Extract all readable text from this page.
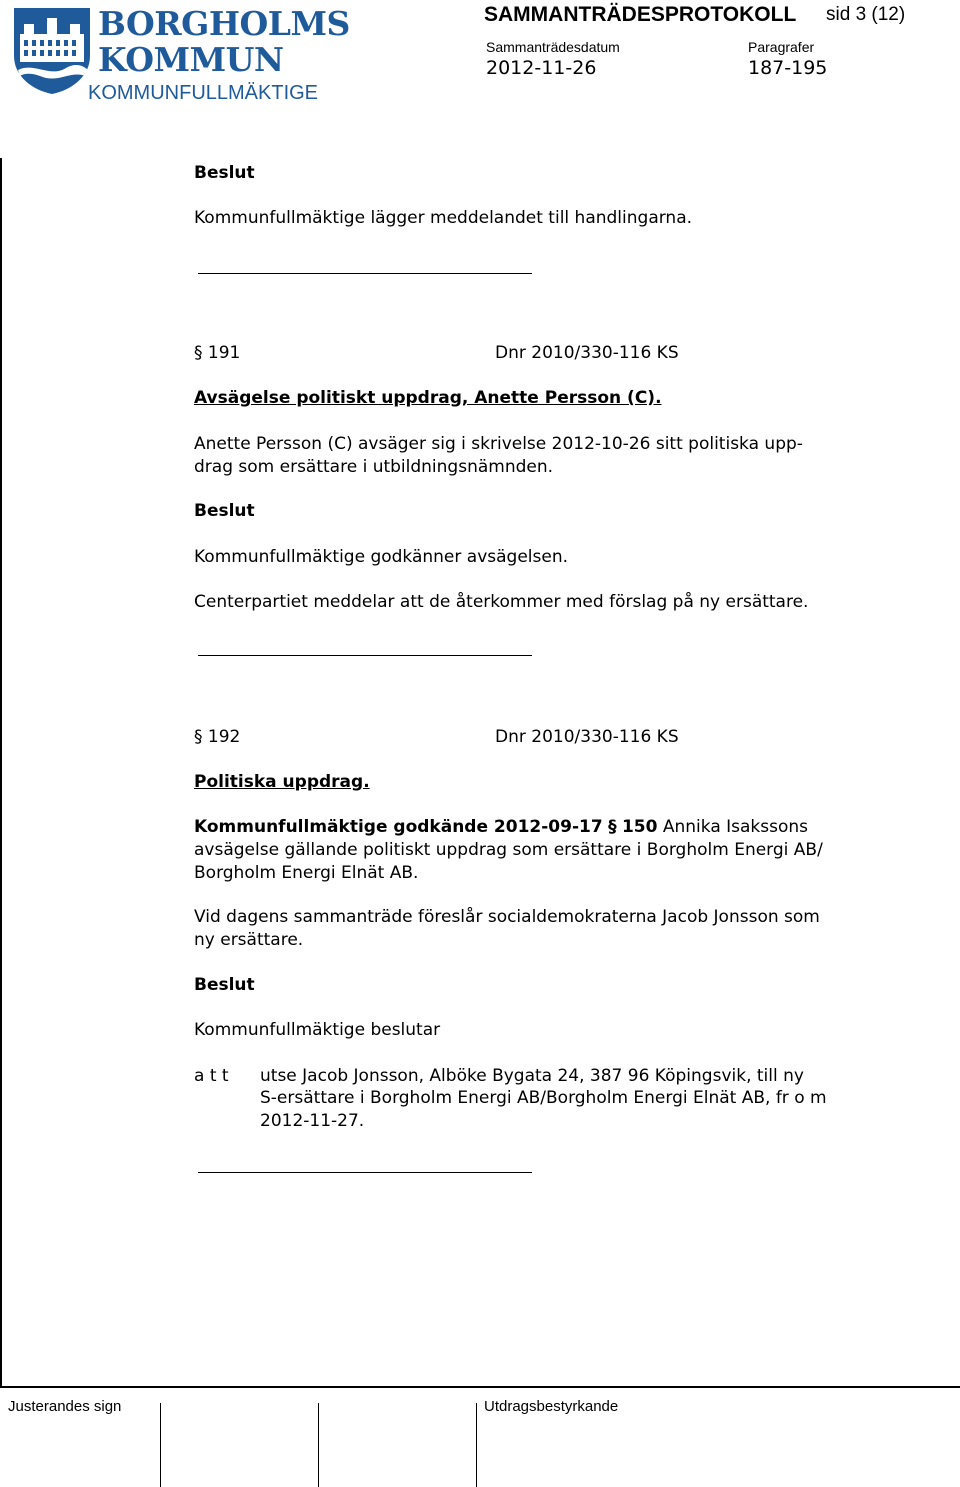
BORGHOLMS
KOMMUN
KOMMUNFULLMÄKTIGE
SAMMANTRÄDESPROTOKOLL sid 3 (12)
Sammanträdesdatum	Paragrafer
2012-11-26	187-195
Beslut
Kommunfullmäktige lägger meddelandet till handlingarna.
§ 191	Dnr 2010/330-116 KS
Avsägelse politiskt uppdrag, Anette Persson (C).
Anette Persson (C) avsäger sig i skrivelse 2012-10-26 sitt politiska upp-
drag som ersättare i utbildningsnämnden.
Beslut
Kommunfullmäktige godkänner avsägelsen.
Centerpartiet meddelar att de återkommer med förslag på ny ersättare.
§ 192	Dnr 2010/330-116 KS
Politiska uppdrag.
Kommunfullmäktige godkände 2012-09-17 § 150 Annika Isakssons
avsägelse gällande politiskt uppdrag som ersättare i Borgholm Energi AB/
Borgholm Energi Elnät AB.
Vid dagens sammanträde föreslår socialdemokraterna Jacob Jonsson som
ny ersättare.
Beslut
Kommunfullmäktige beslutar
a t t utse Jacob Jonsson, Alböke Bygata 24, 387 96 Köpingsvik, till ny
S-ersättare i Borgholm Energi AB/Borgholm Energi Elnät AB, fr o m
2012-11-27.
Justerandes sign	Utdragsbestyrkande
